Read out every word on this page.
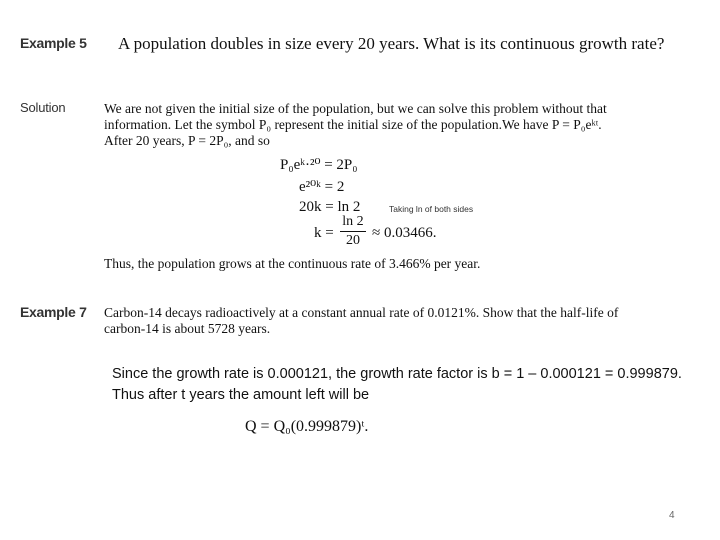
Example 5 A population doubles in size every 20 years. What is its continuous growth rate?
Solution	We are not given the initial size of the population, but we can solve this problem without that
information. Let the symbol P₀ represent the initial size of the population.We have P = P₀eᵏᵗ.
After 20 years, P = 2P₀, and so
P₀eᵏ·²⁰ = 2P₀
e²⁰ᵏ = 2
20k = ln 2	Taking ln of both sides
k =
ln 2
20 ≈ 0.03466.
Thus, the population grows at the continuous rate of 3.466% per year.
Example 7 Carbon-14 decays radioactively at a constant annual rate of 0.0121%. Show that the half-life of
carbon-14 is about 5728 years.
Since the growth rate is 0.000121, the growth rate factor is b = 1 – 0.000121 = 0.999879. Thus after t years the amount left will be
Q = Q₀(0.999879)ᵗ.
4
